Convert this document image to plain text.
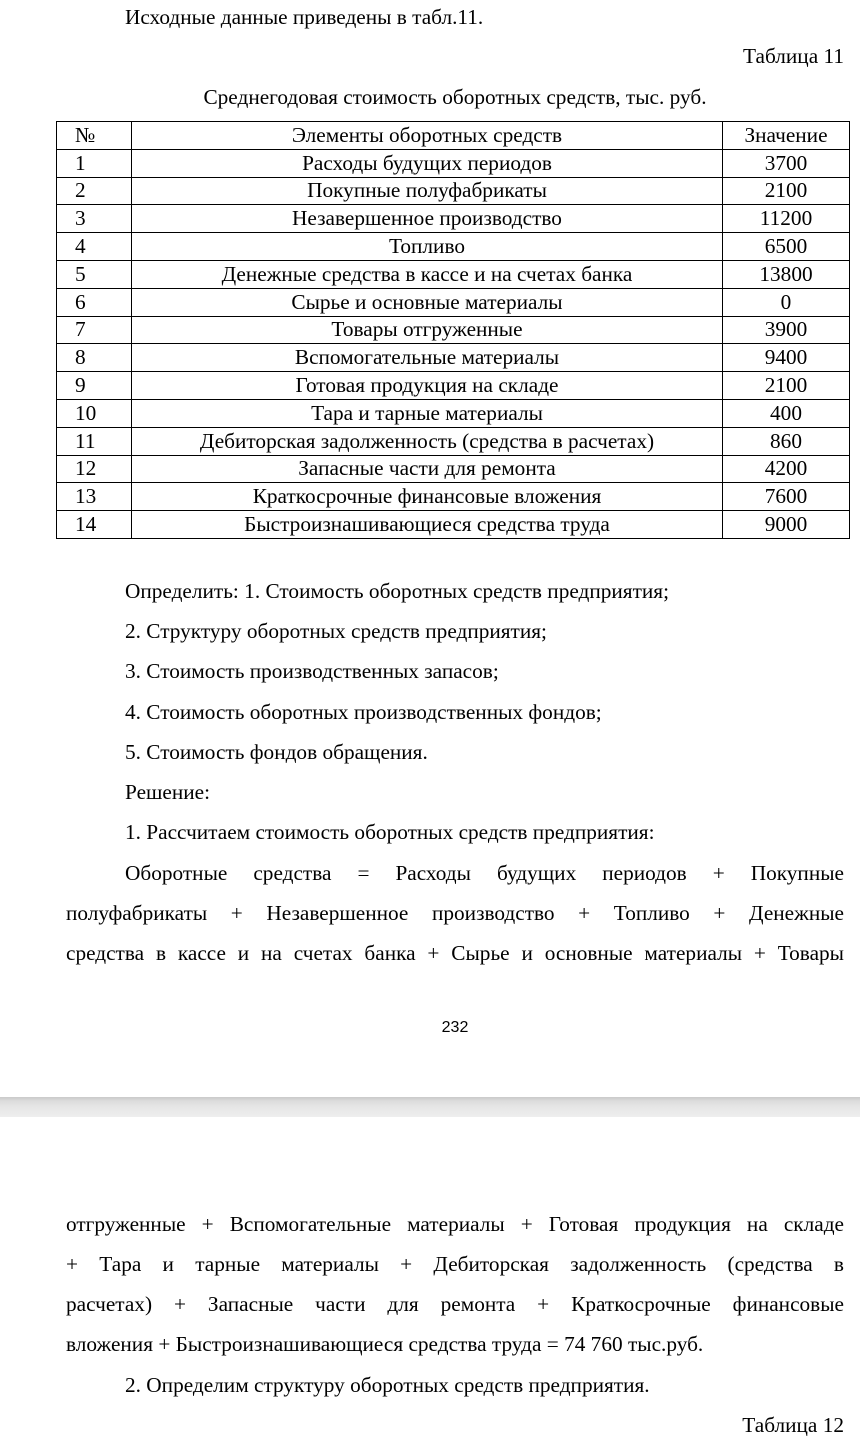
Исходные данные приведены в табл.11.
Таблица 11
Среднегодовая стоимость оборотных средств, тыс. руб.
№	Элементы оборотных средств	Значение
1	Расходы будущих периодов	3700
2	Покупные полуфабрикаты	2100
3	Незавершенное производство	11200
4	Топливо	6500
5	Денежные средства в кассе и на счетах банка	13800
6	Сырье и основные материалы	0
7	Товары отгруженные	3900
8	Вспомогательные материалы	9400
9	Готовая продукция на складе	2100
10	Тара и тарные материалы	400
11	Дебиторская задолженность (средства в расчетах)	860
12	Запасные части для ремонта	4200
13	Краткосрочные финансовые вложения	7600
14	Быстроизнашивающиеся средства труда	9000
Определить: 1. Стоимость оборотных средств предприятия;
2. Структуру оборотных средств предприятия;
3. Стоимость производственных запасов;
4. Стоимость оборотных производственных фондов;
5. Стоимость фондов обращения.
Решение:
1. Рассчитаем стоимость оборотных средств предприятия:
Оборотные средства = Расходы будущих периодов + Покупные
полуфабрикаты + Незавершенное производство + Топливо + Денежные
средства в кассе и на счетах банка + Сырье и основные материалы + Товары
232
отгруженные + Вспомогательные материалы + Готовая продукция на складе
+ Тара и тарные материалы + Дебиторская задолженность (средства в
расчетах) + Запасные части для ремонта + Краткосрочные финансовые
вложения + Быстроизнашивающиеся средства труда = 74 760 тыс.руб.
2. Определим структуру оборотных средств предприятия.
Таблица 12
